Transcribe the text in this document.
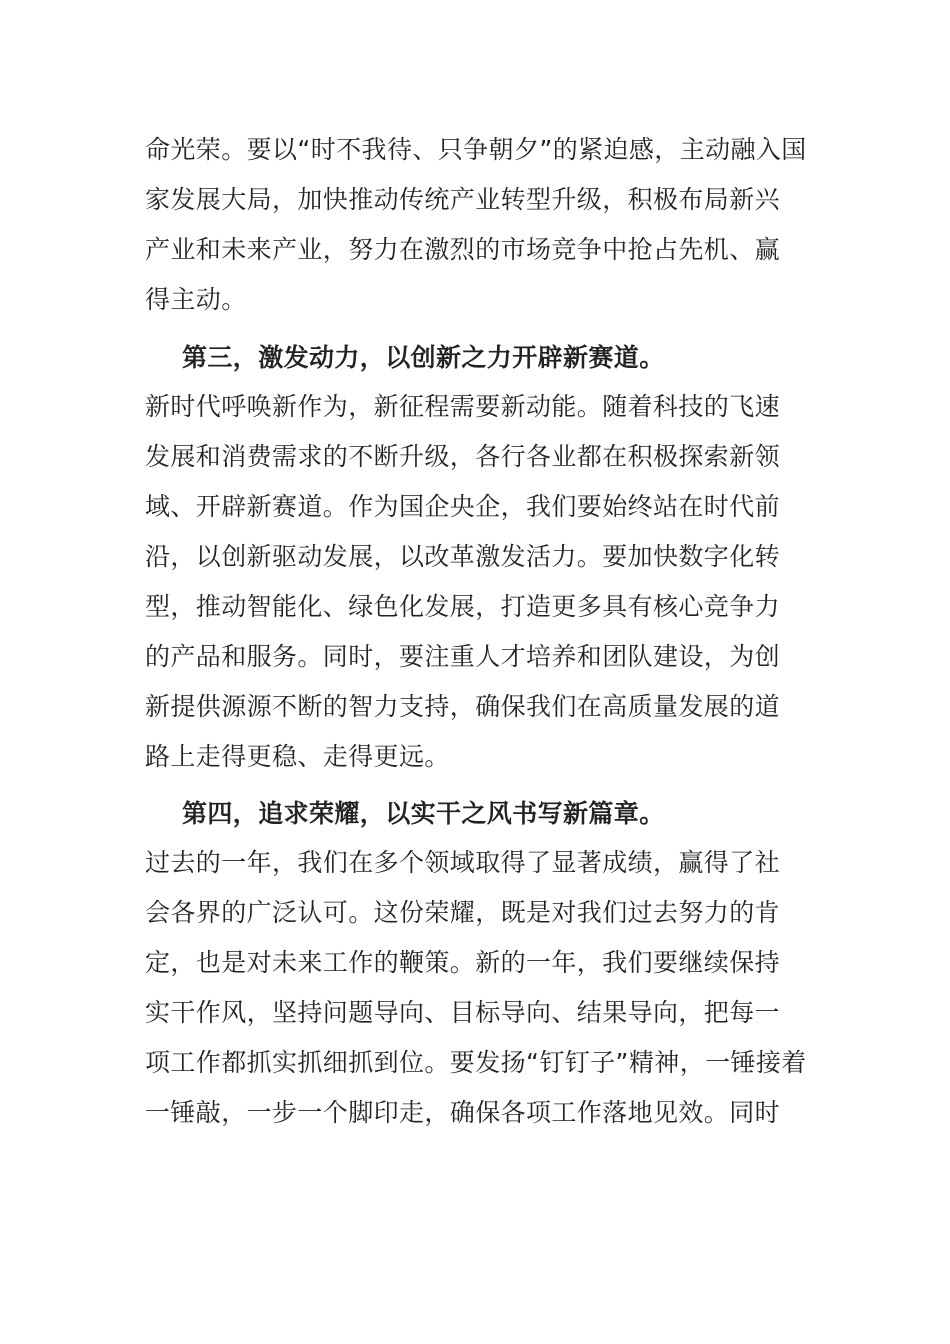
命光荣。要以“时不我待、只争朝夕”的紧迫感，主动融入国
家发展大局，加快推动传统产业转型升级，积极布局新兴
产业和未来产业，努力在激烈的市场竞争中抢占先机、赢
得主动。
第三，激发动力，以创新之力开辟新赛道。
新时代呼唤新作为，新征程需要新动能。随着科技的飞速
发展和消费需求的不断升级，各行各业都在积极探索新领
域、开辟新赛道。作为国企央企，我们要始终站在时代前
沿，以创新驱动发展，以改革激发活力。要加快数字化转
型，推动智能化、绿色化发展，打造更多具有核心竞争力
的产品和服务。同时，要注重人才培养和团队建设，为创
新提供源源不断的智力支持，确保我们在高质量发展的道
路上走得更稳、走得更远。
第四，追求荣耀，以实干之风书写新篇章。
过去的一年，我们在多个领域取得了显著成绩，赢得了社
会各界的广泛认可。这份荣耀，既是对我们过去努力的肯
定，也是对未来工作的鞭策。新的一年，我们要继续保持
实干作风，坚持问题导向、目标导向、结果导向，把每一
项工作都抓实抓细抓到位。要发扬“钉钉子”精神，一锤接着
一锤敲，一步一个脚印走，确保各项工作落地见效。同时
